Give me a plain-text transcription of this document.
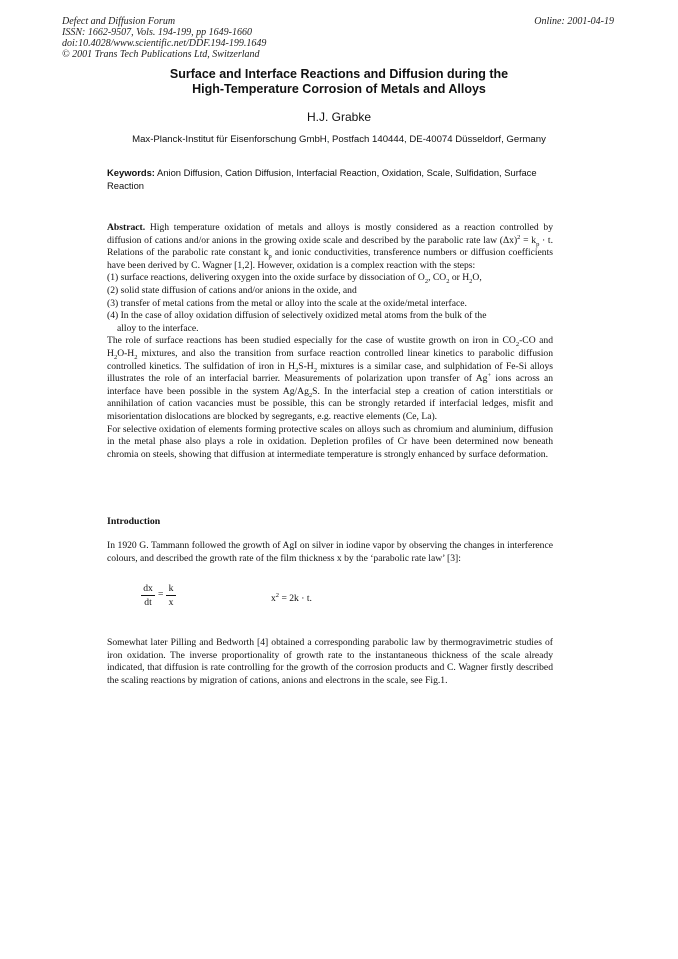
Defect and Diffusion Forum
ISSN: 1662-9507, Vols. 194-199, pp 1649-1660
doi:10.4028/www.scientific.net/DDF.194-199.1649
© 2001 Trans Tech Publications Ltd, Switzerland
Online: 2001-04-19
Surface and Interface Reactions and Diffusion during the
High-Temperature Corrosion of Metals and Alloys
H.J. Grabke
Max-Planck-Institut für Eisenforschung GmbH, Postfach 140444, DE-40074 Düsseldorf, Germany
Keywords: Anion Diffusion, Cation Diffusion, Interfacial Reaction, Oxidation, Scale, Sulfidation, Surface Reaction

Abstract. High temperature oxidation of metals and alloys is mostly considered as a reaction controlled by diffusion of cations and/or anions in the growing oxide scale and described by the parabolic rate law $(\Delta x)^2 = k_p \cdot t$. Relations of the parabolic rate constant $k_p$ and ionic conductivities, transference numbers or diffusion coefficients have been derived by C. Wagner [1,2]. However, oxidation is a complex reaction with the steps:

(1) surface reactions, delivering oxygen into the oxide surface by dissociation of $O_2$, $CO_2$ or $H_2O$,

(2) solid state diffusion of cations and/or anions in the oxide, and

(3) transfer of metal cations from the metal or alloy into the scale at the oxide/metal interface.

(4) In the case of alloy oxidation diffusion of selectively oxidized metal atoms from the bulk of the

alloy to the interface.

The role of surface reactions has been studied especially for the case of wustite growth on iron in $CO_2-CO$ and $H_2O-H_2$ mixtures, and also the transition from surface reaction controlled linear kinetics to parabolic diffusion controlled kinetics. The sulfidation of iron in $H_2S-H_2$ mixtures is a similar case, and sulphidation of Fe-Si alloys illustrates the role of an interfacial barrier. Measurements of polarization upon transfer of Ag+ ions across an interface have been possible in the system $Ag/Ag_2S$. In the interfacial step a creation of cation interstitials or annihilation of cation vacancies must be possible, this can be strongly retarded if interfacial ledges, misfit and misorientation dislocations are blocked by segregants, e.g. reactive elements (Ce, La).

For selective oxidation of elements forming protective scales on alloys such as chromium and aluminium, diffusion in the metal phase also plays a role in oxidation. Depletion profiles of Cr have been determined now beneath chromia on steels, showing that diffusion at intermediate temperature is strongly enhanced by surface deformation.

Introduction

In 1920 G. Tammann followed the growth of AgI on silver in iodine vapor by observing the changes in interference colours, and described the growth rate of the film thickness x by the ‘parabolic rate law’ [3]:

dx
dt
=
k
x	$x^2 = 2k \cdot t$.

Somewhat later Pilling and Bedworth [4] obtained a corresponding parabolic law by thermogravimetric studies of iron oxidation. The inverse proportionality of growth rate to the instantaneous thickness of the scale already indicated, that diffusion is rate controlling for the growth of the corrosion products and C. Wagner firstly described the scaling reactions by migration of cations, anions and electrons in the scale, see Fig.1.
